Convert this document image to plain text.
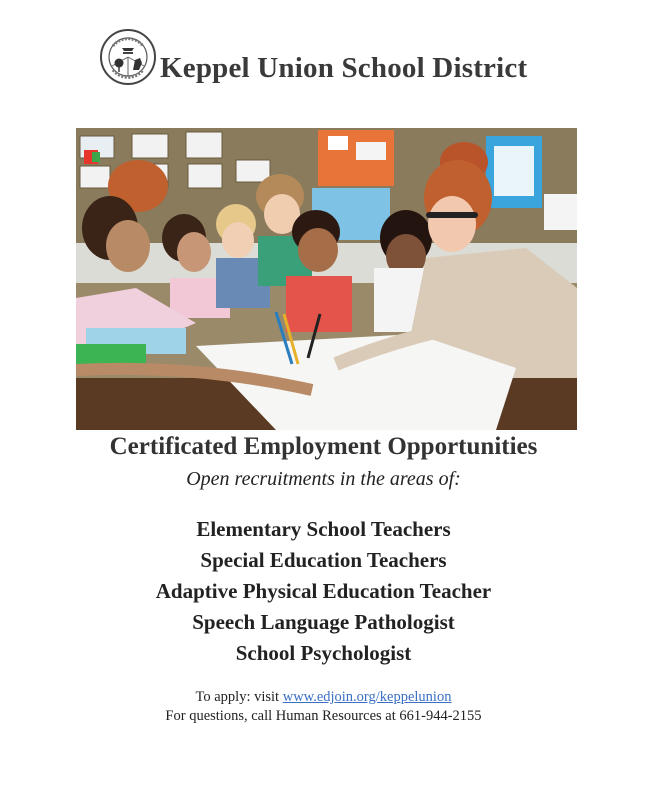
Keppel Union School District
Certificated Employment Opportunities
Open recruitments in the areas of:
Elementary School Teachers
Special Education Teachers
Adaptive Physical Education Teacher
Speech Language Pathologist
School Psychologist
To apply: visit www.edjoin.org/keppelunion
For questions, call Human Resources at 661-944-2155
